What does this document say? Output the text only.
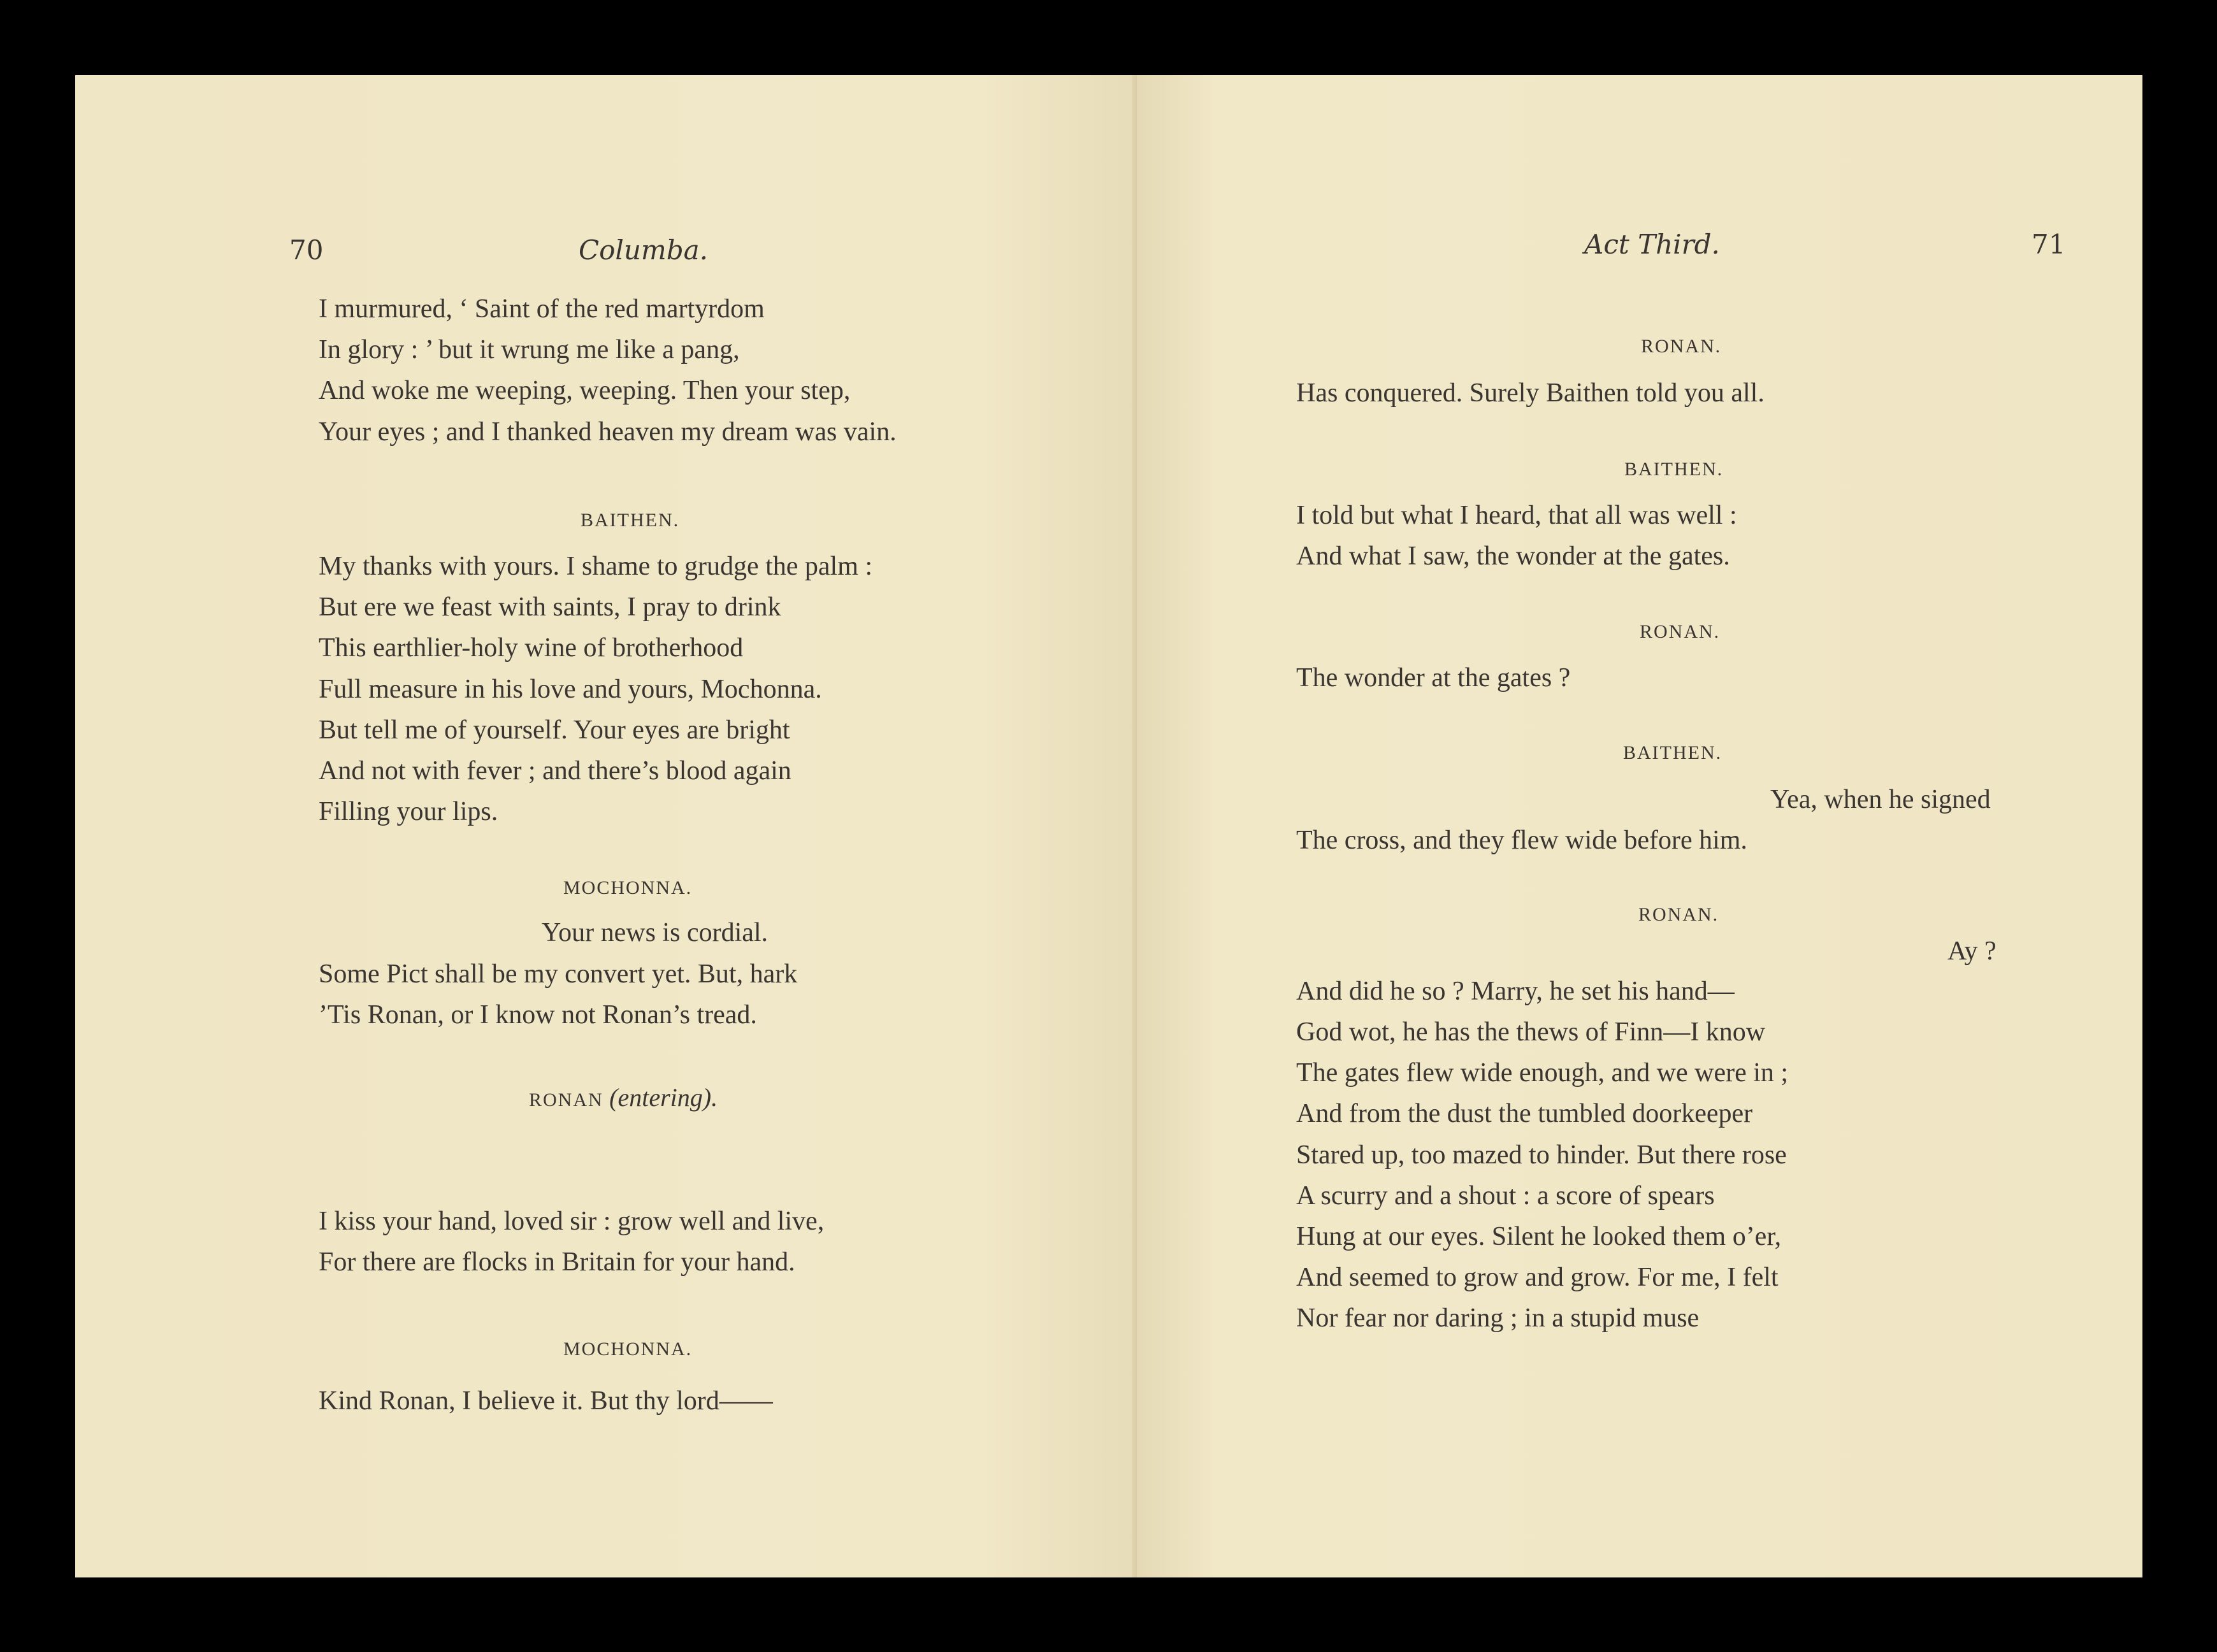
70	Columba.
I murmured, ‘ Saint of the red martyrdom
In glory : ’ but it wrung me like a pang,
And woke me weeping, weeping. Then your step,
Your eyes ; and I thanked heaven my dream was vain.
BAITHEN.
My thanks with yours. I shame to grudge the palm :
But ere we feast with saints, I pray to drink
This earthlier-holy wine of brotherhood
Full measure in his love and yours, Mochonna.
But tell me of yourself. Your eyes are bright
And not with fever ; and there’s blood again
Filling your lips.
MOCHONNA.
Your news is cordial.
Some Pict shall be my convert yet. But, hark
’Tis Ronan, or I know not Ronan’s tread.
RONAN (entering).
I kiss your hand, loved sir : grow well and live,
For there are flocks in Britain for your hand.
MOCHONNA.
Kind Ronan, I believe it. But thy lord——
Act Third.	71
RONAN.
Has conquered. Surely Baithen told you all.
BAITHEN.
I told but what I heard, that all was well :
And what I saw, the wonder at the gates.
RONAN.
The wonder at the gates ?
BAITHEN.
Yea, when he signed
The cross, and they flew wide before him.
RONAN.
Ay ?
And did he so ? Marry, he set his hand—
God wot, he has the thews of Finn—I know
The gates flew wide enough, and we were in ;
And from the dust the tumbled doorkeeper
Stared up, too mazed to hinder. But there rose
A scurry and a shout : a score of spears
Hung at our eyes. Silent he looked them o’er,
And seemed to grow and grow. For me, I felt
Nor fear nor daring ; in a stupid muse
